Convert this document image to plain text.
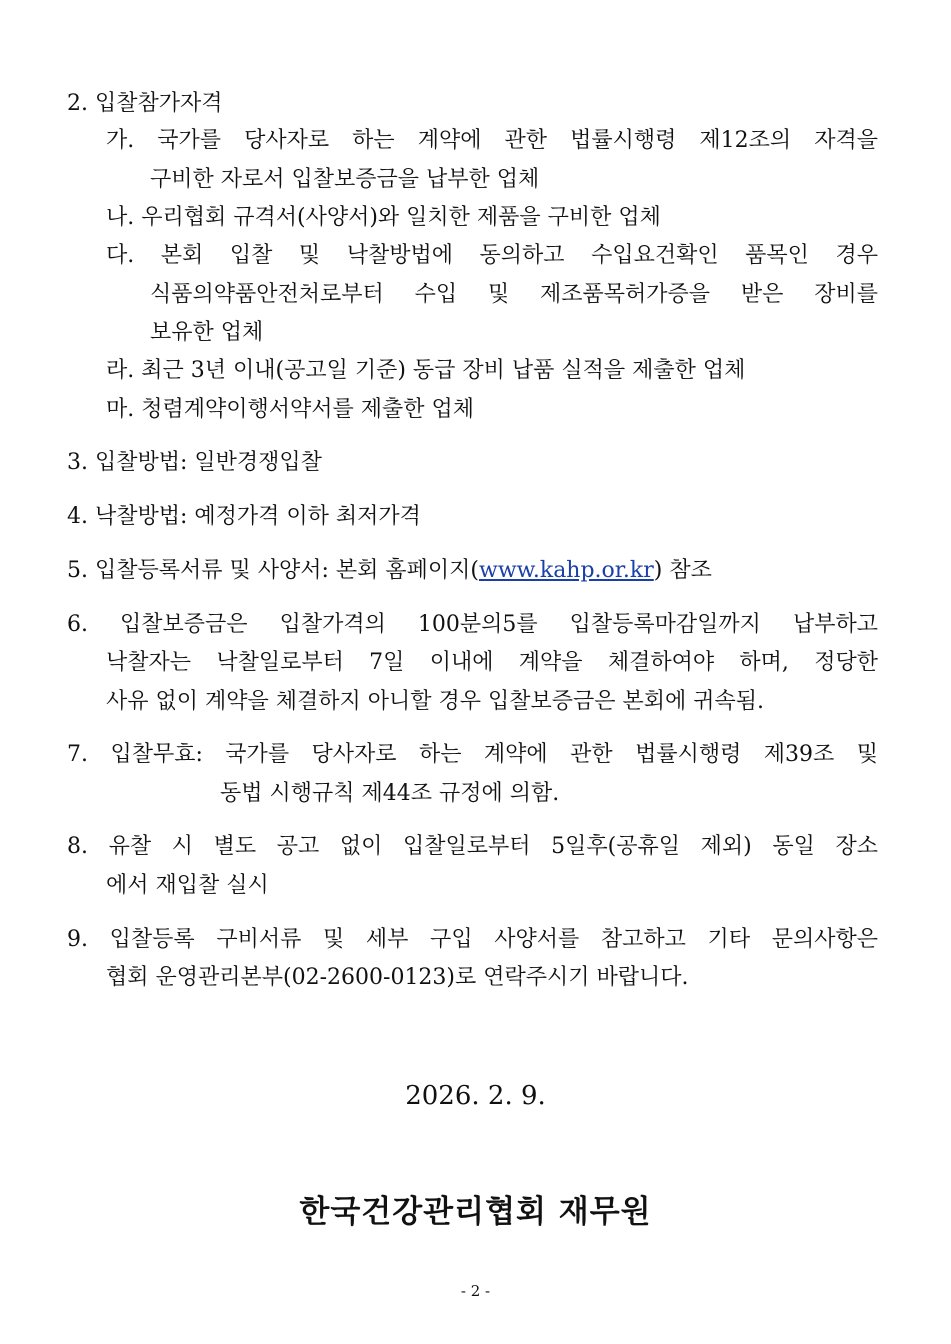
2. 입찰참가자격
가. 국가를 당사자로 하는 계약에 관한 법률시행령 제12조의 자격을
구비한 자로서 입찰보증금을 납부한 업체
나. 우리협회 규격서(사양서)와 일치한 제품을 구비한 업체
다. 본회 입찰 및 낙찰방법에 동의하고 수입요건확인 품목인 경우
식품의약품안전처로부터 수입 및 제조품목허가증을 받은 장비를
보유한 업체
라. 최근 3년 이내(공고일 기준) 동급 장비 납품 실적을 제출한 업체
마. 청렴계약이행서약서를 제출한 업체
3. 입찰방법: 일반경쟁입찰
4. 낙찰방법: 예정가격 이하 최저가격
5. 입찰등록서류 및 사양서: 본회 홈페이지(www.kahp.or.kr) 참조
6. 입찰보증금은 입찰가격의 100분의5를 입찰등록마감일까지 납부하고
낙찰자는 낙찰일로부터 7일 이내에 계약을 체결하여야 하며, 정당한
사유 없이 계약을 체결하지 아니할 경우 입찰보증금은 본회에 귀속됨.
7. 입찰무효: 국가를 당사자로 하는 계약에 관한 법률시행령 제39조 및
동법 시행규칙 제44조 규정에 의함.
8. 유찰 시 별도 공고 없이 입찰일로부터 5일후(공휴일 제외) 동일 장소
에서 재입찰 실시
9. 입찰등록 구비서류 및 세부 구입 사양서를 참고하고 기타 문의사항은
협회 운영관리본부(02-2600-0123)로 연락주시기 바랍니다.
2026. 2. 9.
한국건강관리협회 재무원
- 2 -
